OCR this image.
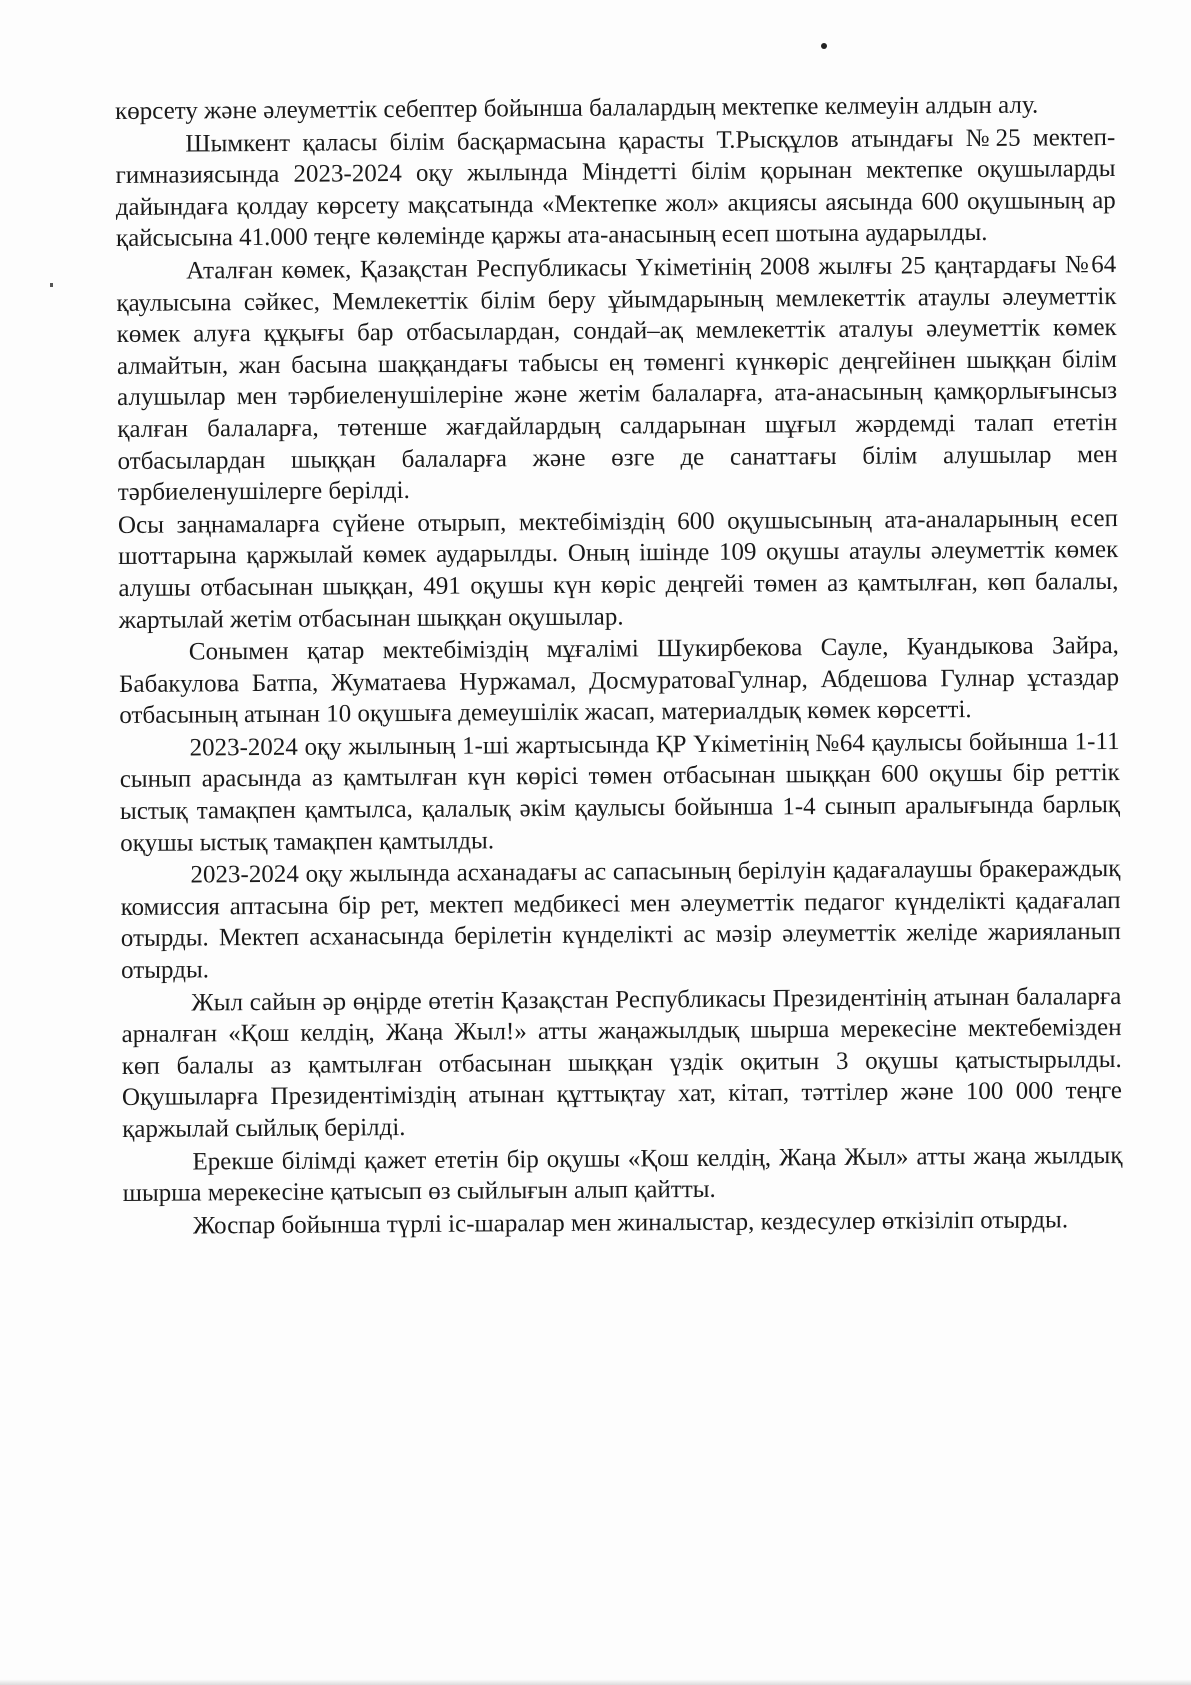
көрсету және әлеуметтік себептер бойынша балалардың мектепке келмеуін алдын алу.

Шымкент қаласы білім басқармасына қарасты Т.Рысқұлов атындағы №25 мектеп-гимназиясында 2023-2024 оқу жылында Міндетті білім қорынан мектепке оқушыларды дайындаға қолдау көрсету мақсатында «Мектепке жол» акциясы аясында 600 оқушының ар қайсысына 41.000 теңге көлемінде қаржы ата-анасының есеп шотына аударылды.

Аталған көмек, Қазақстан Республикасы Үкіметінің 2008 жылғы 25 қаңтардағы №64 қаулысына сәйкес, Мемлекеттік білім беру ұйымдарының мемлекеттік атаулы әлеуметтік көмек алуға құқығы бар отбасылардан, сондай–ақ мемлекеттік аталуы әлеуметтік көмек алмайтын, жан басына шаққандағы табысы ең төменгі күнкөріс деңгейінен шыққан білім алушылар мен тәрбиеленушілеріне және жетім балаларға, ата-анасының қамқорлығынсыз қалған балаларға, төтенше жағдайлардың салдарынан шұғыл жәрдемді талап ететін отбасылардан шыққан балаларға және өзге де санаттағы білім алушылар мен тәрбиеленушілерге берілді.

Осы заңнамаларға сүйене отырып, мектебіміздің 600 оқушысының ата-аналарының есеп шоттарына қаржылай көмек аударылды. Оның ішінде 109 оқушы атаулы әлеуметтік көмек алушы отбасынан шыққан, 491 оқушы күн көріс деңгейі төмен аз қамтылған, көп балалы, жартылай жетім отбасынан шыққан оқушылар.

Сонымен қатар мектебіміздің мұғалімі Шукирбекова Сауле, Куандыкова Зайра, Бабакулова Батпа, Жуматаева Нуржамал, ДосмуратоваГулнар, Абдешова Гулнар ұстаздар отбасының атынан 10 оқушыға демеушілік жасап, материалдық көмек көрсетті.

2023-2024 оқу жылының 1-ші жартысында ҚР Үкіметінің №64 қаулысы бойынша 1-11 сынып арасында аз қамтылған күн көрісі төмен отбасынан шыққан 600 оқушы бір реттік ыстық тамақпен қамтылса, қалалық әкім қаулысы бойынша 1-4 сынып аралығында барлық оқушы ыстық тамақпен қамтылды.

2023-2024 оқу жылында асханадағы ас сапасының берілуін қадағалаушы бракераждық комиссия аптасына бір рет, мектеп медбикесі мен әлеуметтік педагог күнделікті қадағалап отырды. Мектеп асханасында берілетін күнделікті ас мәзір әлеуметтік желіде жарияланып отырды.

Жыл сайын әр өңірде өтетін Қазақстан Республикасы Президентінің атынан балаларға арналған «Қош келдің, Жаңа Жыл!» атты жаңажылдық шырша мерекесіне мектебемізден көп балалы аз қамтылған отбасынан шыққан үздік оқитын 3 оқушы қатыстырылды. Оқушыларға Президентіміздің атынан құттықтау хат, кітап, тәттілер және 100 000 теңге қаржылай сыйлық берілді.

Ерекше білімді қажет ететін бір оқушы «Қош келдің, Жаңа Жыл» атты жаңа жылдық шырша мерекесіне қатысып өз сыйлығын алып қайтты.

Жоспар бойынша түрлі іс-шаралар мен жиналыстар, кездесулер өткізіліп отырды.
